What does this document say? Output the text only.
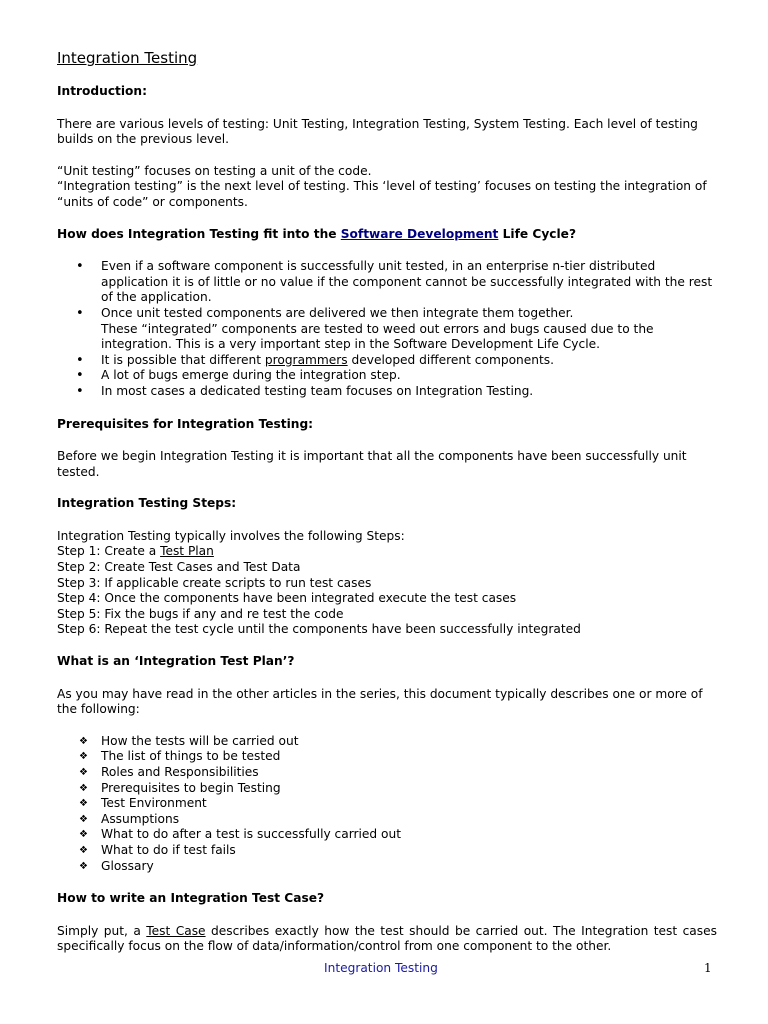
Integration Testing
Introduction:

There are various levels of testing: Unit Testing, Integration Testing, System Testing. Each level of testing builds on the previous level.

“Unit testing” focuses on testing a unit of the code.
“Integration testing” is the next level of testing. This ‘level of testing’ focuses on testing the integration of “units of code” or components.

How does Integration Testing fit into the Software Development Life Cycle?
• Even if a software component is successfully unit tested, in an enterprise n-tier distributed application it is of little or no value if the component cannot be successfully integrated with the rest of the application.
• Once unit tested components are delivered we then integrate them together.
These “integrated” components are tested to weed out errors and bugs caused due to the integration. This is a very important step in the Software Development Life Cycle.
• It is possible that different programmers developed different components.
• A lot of bugs emerge during the integration step.
• In most cases a dedicated testing team focuses on Integration Testing.
Prerequisites for Integration Testing:

Before we begin Integration Testing it is important that all the components have been successfully unit tested.

Integration Testing Steps:

Integration Testing typically involves the following Steps:
Step 1: Create a Test Plan
Step 2: Create Test Cases and Test Data
Step 3: If applicable create scripts to run test cases
Step 4: Once the components have been integrated execute the test cases
Step 5: Fix the bugs if any and re test the code
Step 6: Repeat the test cycle until the components have been successfully integrated

What is an ‘Integration Test Plan’?

As you may have read in the other articles in the series, this document typically describes one or more of the following:

❖ How the tests will be carried out
❖ The list of things to be tested
❖ Roles and Responsibilities
❖ Prerequisites to begin Testing
❖ Test Environment
❖ Assumptions
❖ What to do after a test is successfully carried out
❖ What to do if test fails
❖ Glossary
How to write an Integration Test Case?

Simply put, a Test Case describes exactly how the test should be carried out. The Integration test cases specifically focus on the flow of data/information/control from one component to the other.

Integration Testing	1
